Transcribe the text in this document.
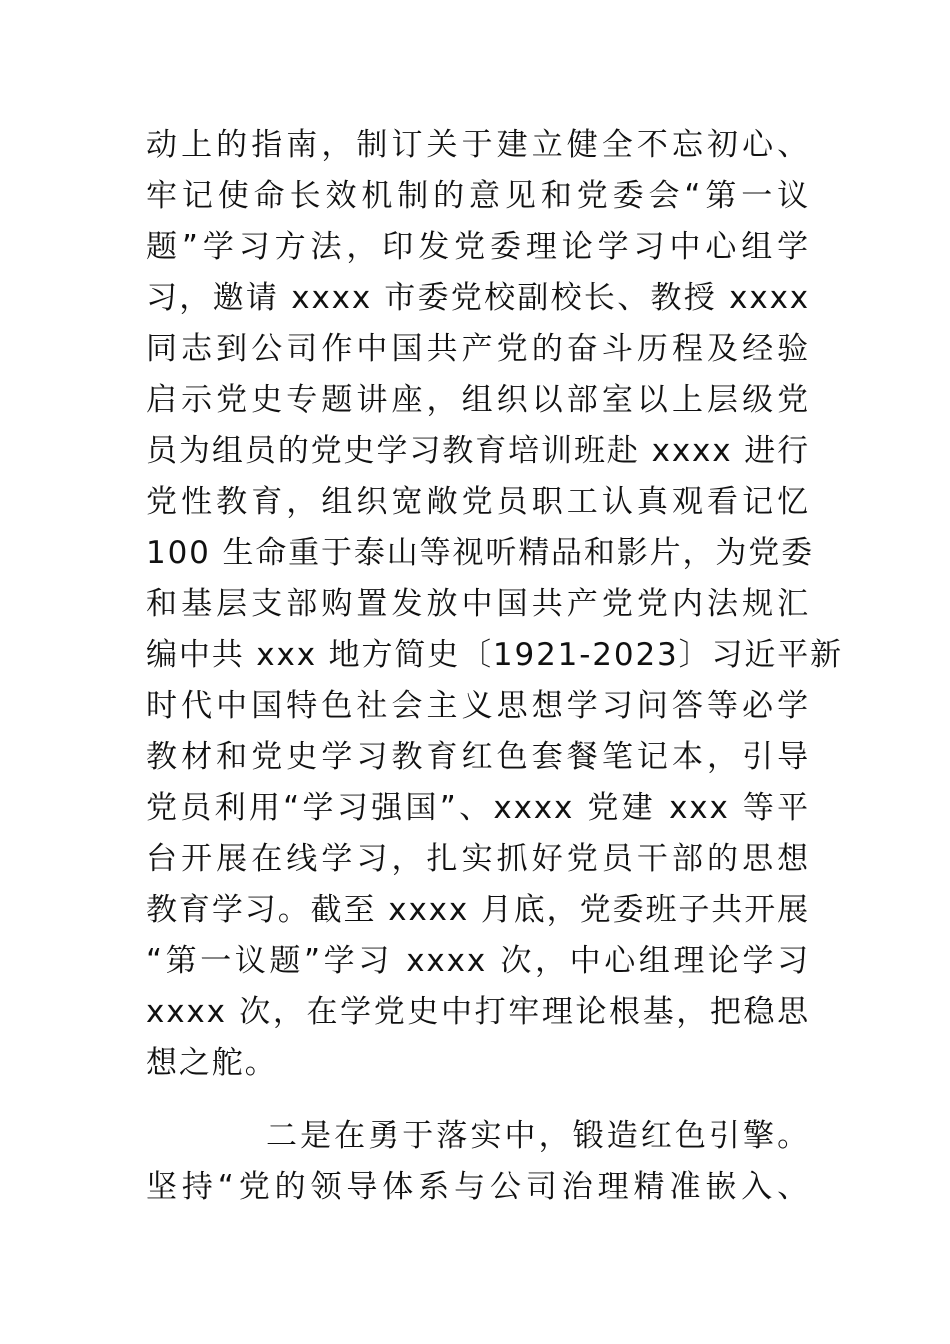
动上的指南，制订关于建立健全不忘初心、
牢记使命长效机制的意见和党委会“第一议
题”学习方法，印发党委理论学习中心组学
习，邀请 xxxx 市委党校副校长、教授 xxxx
同志到公司作中国共产党的奋斗历程及经验
启示党史专题讲座，组织以部室以上层级党
员为组员的党史学习教育培训班赴 xxxx 进行
党性教育，组织宽敞党员职工认真观看记忆
100 生命重于泰山等视听精品和影片，为党委
和基层支部购置发放中国共产党党内法规汇
编中共 xxx 地方简史〔1921-2023〕习近平新
时代中国特色社会主义思想学习问答等必学
教材和党史学习教育红色套餐笔记本，引导
党员利用“学习强国”、xxxx 党建 xxx 等平
台开展在线学习，扎实抓好党员干部的思想
教育学习。截至 xxxx 月底，党委班子共开展
“第一议题”学习 xxxx 次，中心组理论学习
xxxx 次，在学党史中打牢理论根基，把稳思
想之舵。
二是在勇于落实中，锻造红色引擎。
坚持“党的领导体系与公司治理精准嵌入、
